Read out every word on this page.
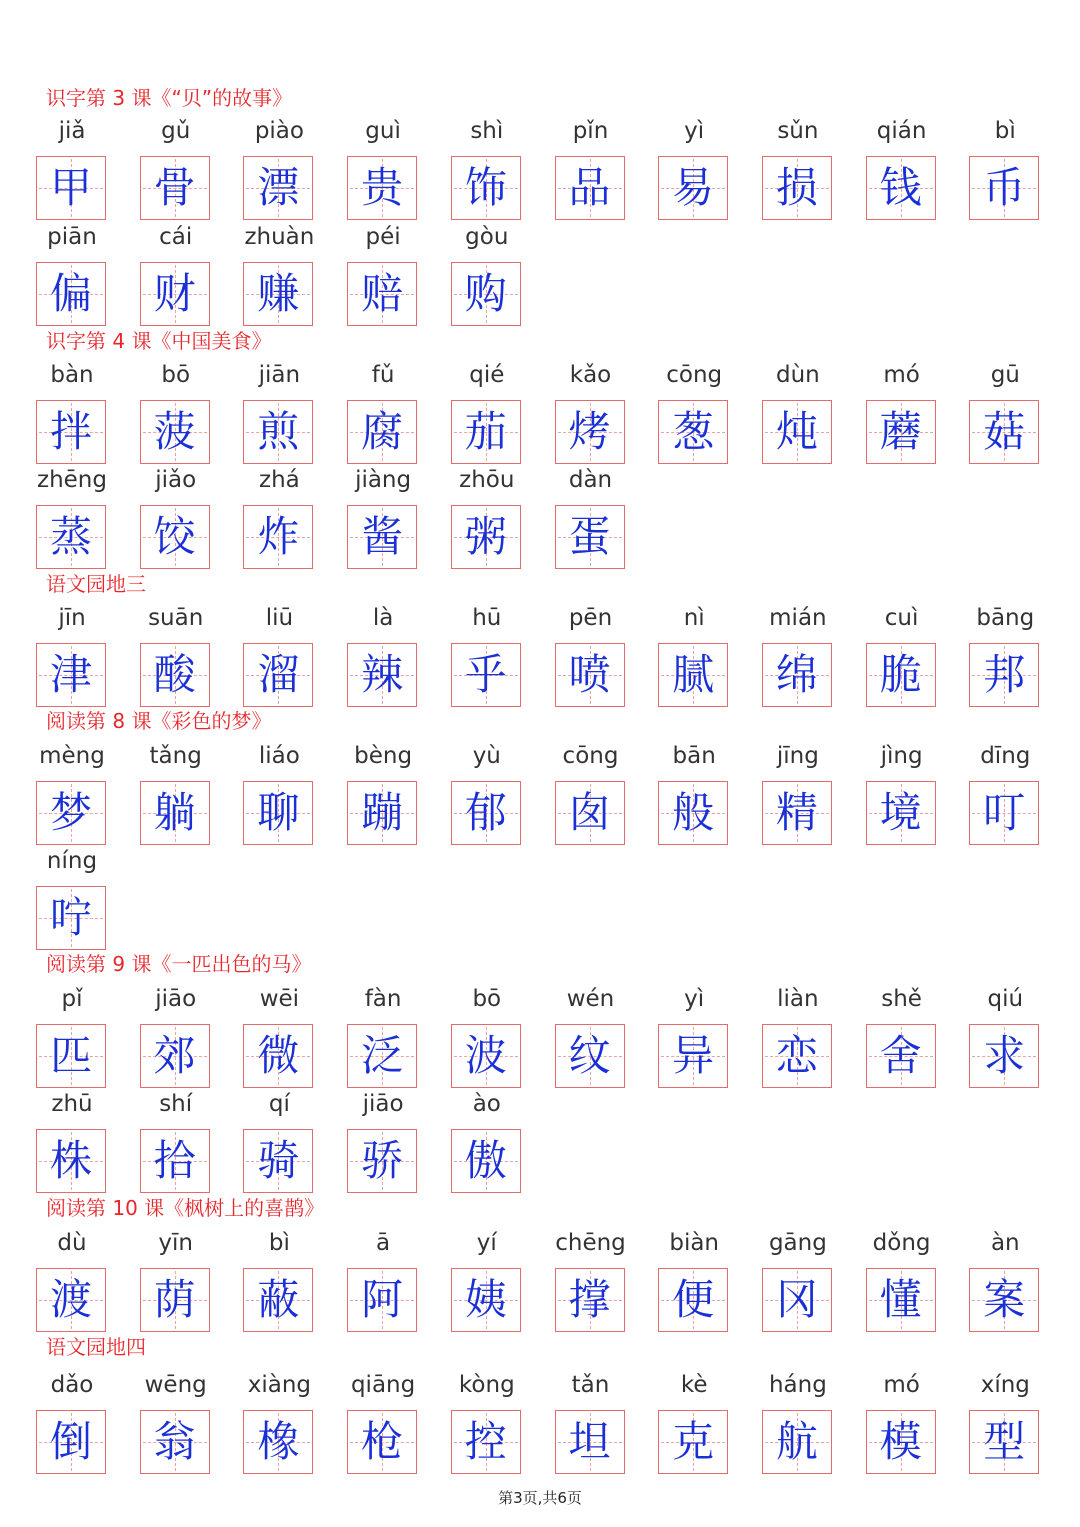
识字第 3 课《“贝”的故事》
jiǎ
甲
gǔ
骨
piào
漂
guì
贵
shì
饰
pǐn
品
yì
易
sǔn
损
qián
钱
bì
币
piān
偏
cái
财
zhuàn
赚
péi
赔
gòu
购
识字第 4 课《中国美食》
bàn
拌
bō
菠
jiān
煎
fǔ
腐
qié
茄
kǎo
烤
cōng
葱
dùn
炖
mó
蘑
gū
菇
zhēng
蒸
jiǎo
饺
zhá
炸
jiàng
酱
zhōu
粥
dàn
蛋
语文园地三
jīn
津
suān
酸
liū
溜
là
辣
hū
乎
pēn
喷
nì
腻
mián
绵
cuì
脆
bāng
邦
阅读第 8 课《彩色的梦》
mèng
梦
tǎng
躺
liáo
聊
bèng
蹦
yù
郁
cōng
囱
bān
般
jīng
精
jìng
境
dīng
叮
níng
咛
阅读第 9 课《一匹出色的马》
pǐ
匹
jiāo
郊
wēi
微
fàn
泛
bō
波
wén
纹
yì
异
liàn
恋
shě
舍
qiú
求
zhū
株
shí
拾
qí
骑
jiāo
骄
ào
傲
阅读第 10 课《枫树上的喜鹊》
dù
渡
yīn
荫
bì
蔽
ā
阿
yí
姨
chēng
撑
biàn
便
gāng
冈
dǒng
懂
àn
案
语文园地四
dǎo
倒
wēng
翁
xiàng
橡
qiāng
枪
kòng
控
tǎn
坦
kè
克
háng
航
mó
模
xíng
型
第3页,共6页
